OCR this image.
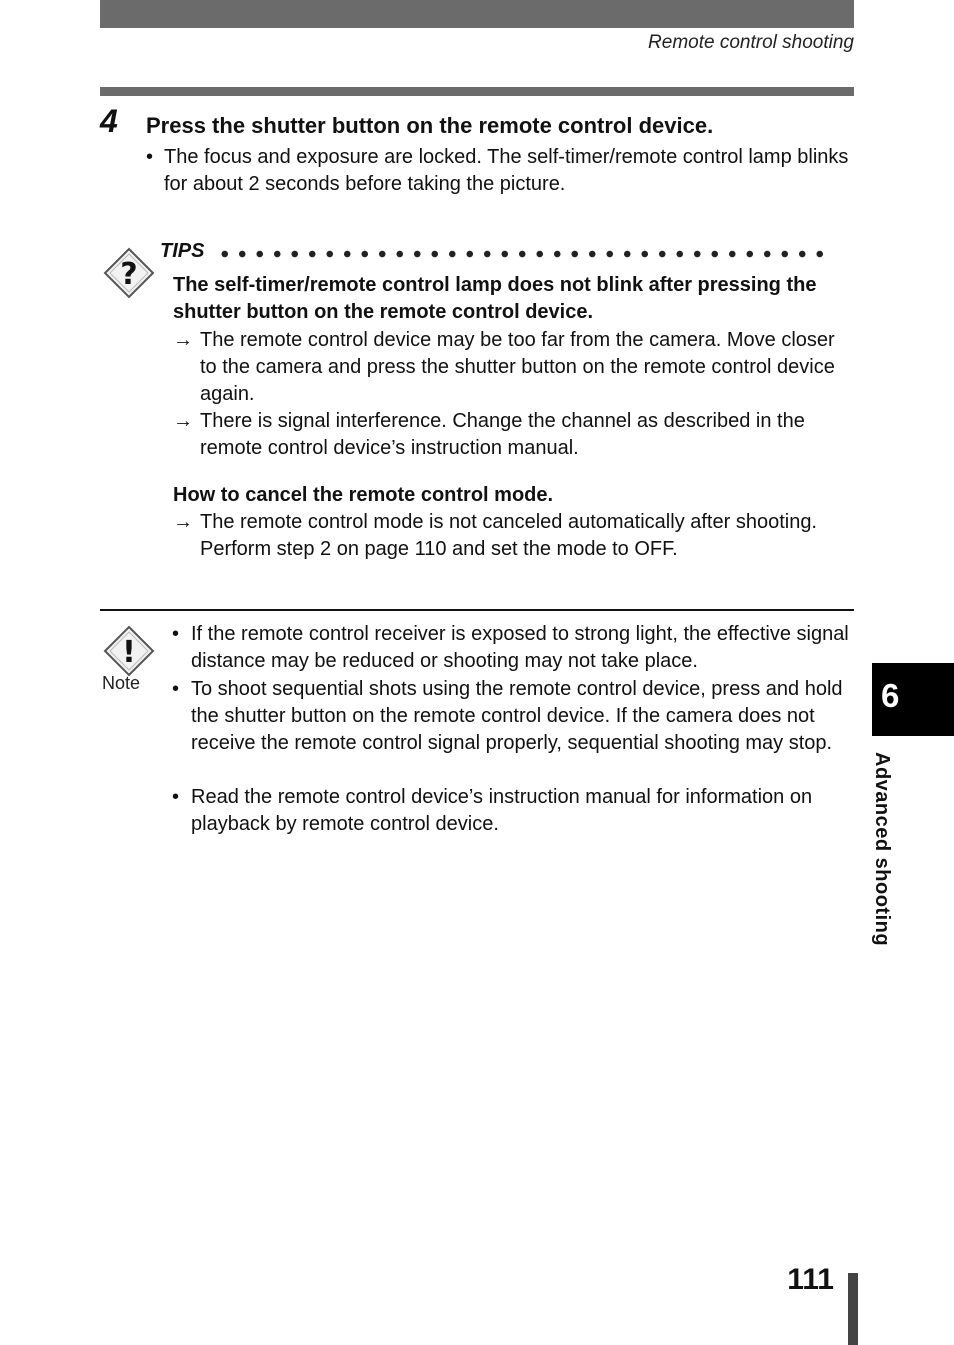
Remote control shooting
4 Press the shutter button on the remote control device.
• The focus and exposure are locked. The self-timer/remote control lamp blinks for about 2 seconds before taking the picture.
?
TIPS
The self-timer/remote control lamp does not blink after pressing the shutter button on the remote control device.
→ The remote control device may be too far from the camera. Move closer to the camera and press the shutter button on the remote control device again.
→ There is signal interference. Change the channel as described in the remote control device’s instruction manual.
How to cancel the remote control mode.
→ The remote control mode is not canceled automatically after shooting. Perform step 2 on page 110 and set the mode to OFF.
!
Note
• If the remote control receiver is exposed to strong light, the effective signal distance may be reduced or shooting may not take place.
• To shoot sequential shots using the remote control device, press and hold the shutter button on the remote control device. If the camera does not receive the remote control signal properly, sequential shooting may stop.
• Read the remote control device’s instruction manual for information on playback by remote control device.
6
Advanced shooting
111
